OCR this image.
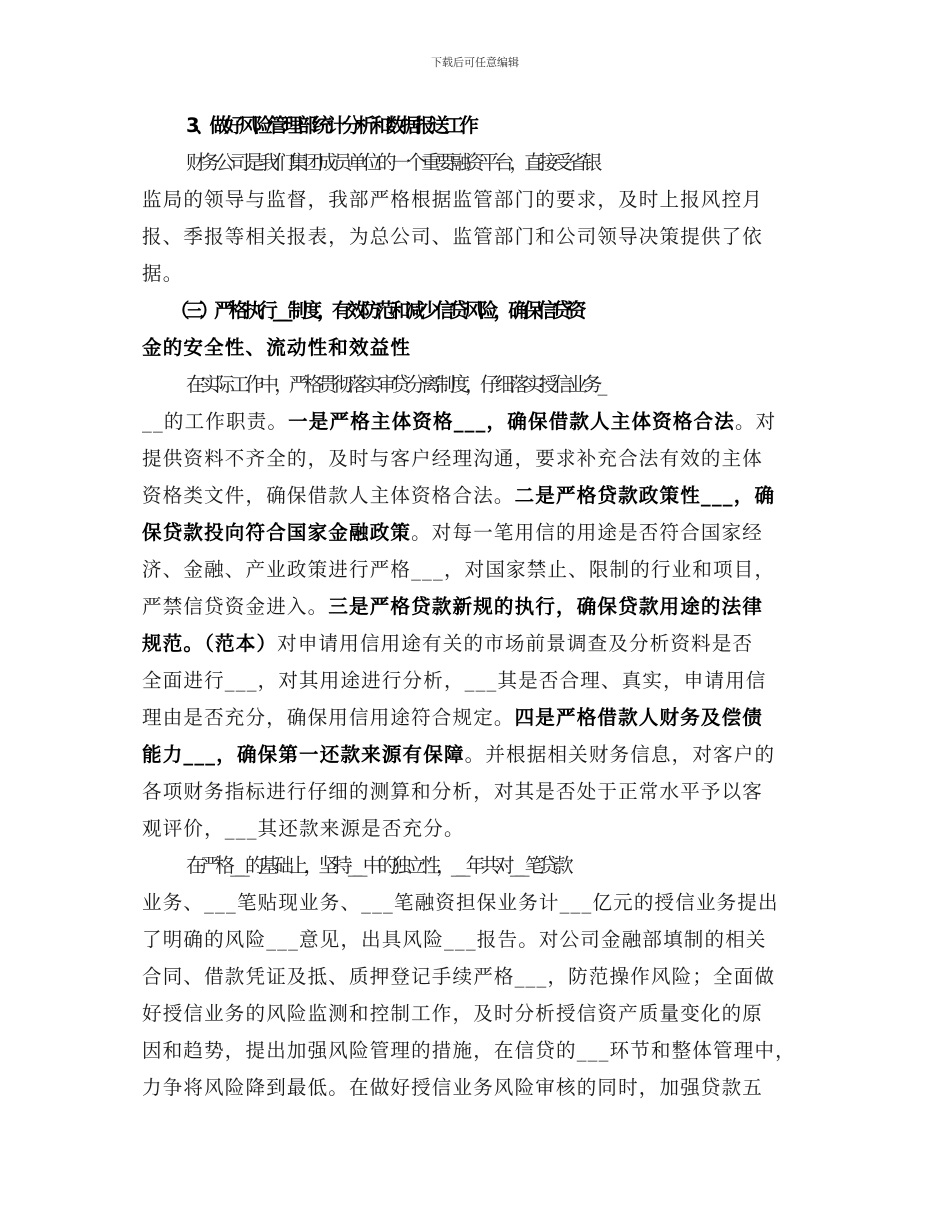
下载后可任意编辑
3、做好风险管理部统计分析和数据报送工作
财务公司是我们集团成员单位的一个重要融资平台，直接受省银
监局的领导与监督，我部严格根据监管部门的要求，及时上报风控月
报、季报等相关报表，为总公司、监管部门和公司领导决策提供了依
据。
（三）严格执行___制度，有效防范和减少信贷风险，确保信贷资
金的安全性、流动性和效益性
在实际工作中，严格贯彻落实审贷分离制度，仔细落实授信业务_
__的工作职责。一是严格主体资格___，确保借款人主体资格合法。对
提供资料不齐全的，及时与客户经理沟通，要求补充合法有效的主体
资格类文件，确保借款人主体资格合法。二是严格贷款政策性___，确
保贷款投向符合国家金融政策。对每一笔用信的用途是否符合国家经
济、金融、产业政策进行严格___，对国家禁止、限制的行业和项目，
严禁信贷资金进入。三是严格贷款新规的执行，确保贷款用途的法律
规范。（范本）对申请用信用途有关的市场前景调查及分析资料是否
全面进行___，对其用途进行分析，___其是否合理、真实，申请用信
理由是否充分，确保用信用途符合规定。四是严格借款人财务及偿债
能力___，确保第一还款来源有保障。并根据相关财务信息，对客户的
各项财务指标进行仔细的测算和分析，对其是否处于正常水平予以客
观评价，___其还款来源是否充分。
在严格___的基础上，坚持___中的独立性，___年共对___笔贷款
业务、___笔贴现业务、___笔融资担保业务计___亿元的授信业务提出
了明确的风险___意见，出具风险___报告。对公司金融部填制的相关
合同、借款凭证及抵、质押登记手续严格___，防范操作风险；全面做
好授信业务的风险监测和控制工作，及时分析授信资产质量变化的原
因和趋势，提出加强风险管理的措施，在信贷的___环节和整体管理中，
力争将风险降到最低。在做好授信业务风险审核的同时，加强贷款五
